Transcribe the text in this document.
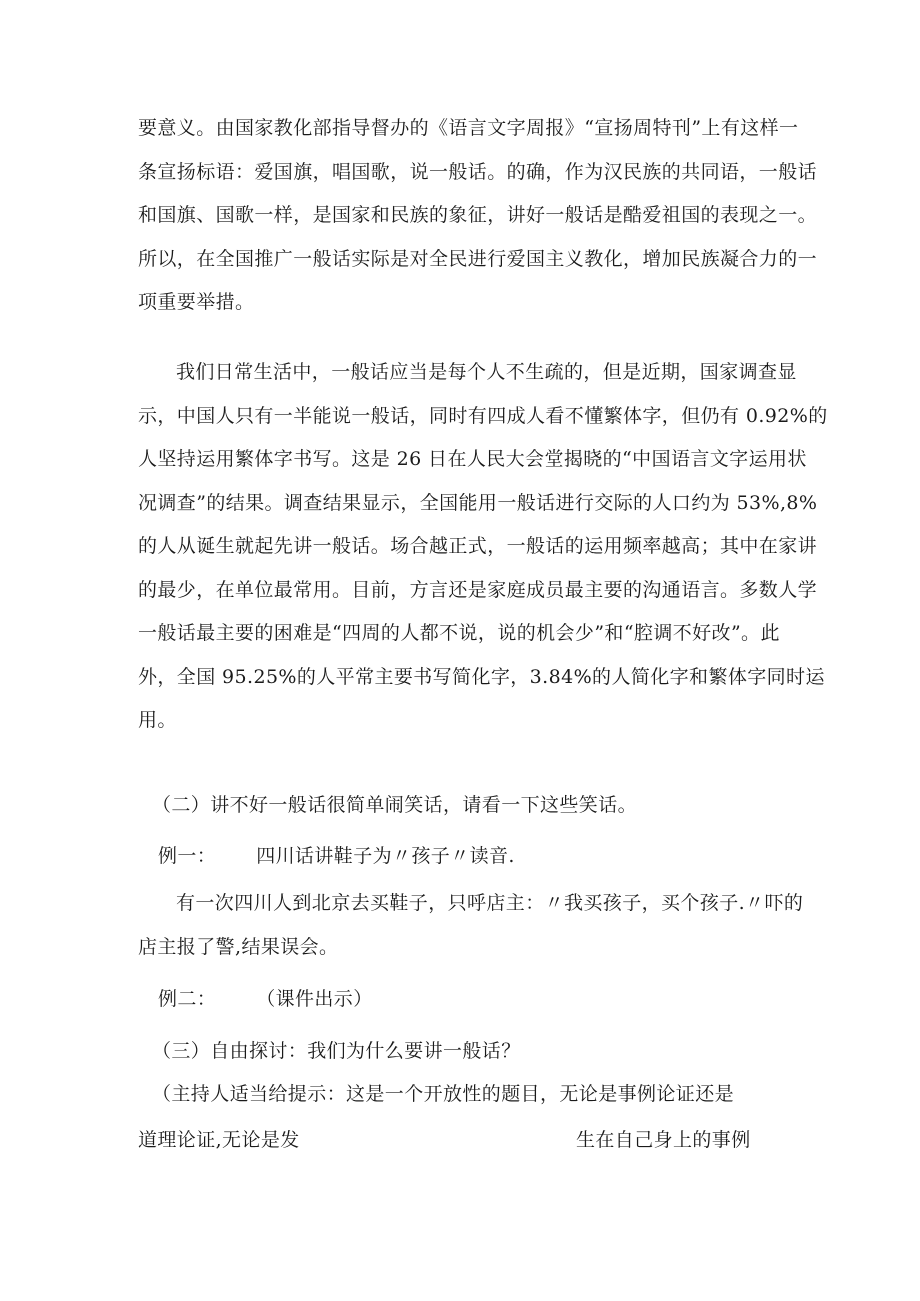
要意义。由国家教化部指导督办的《语言文字周报》“宣扬周特刊”上有这样一
条宣扬标语：爱国旗，唱国歌，说一般话。的确，作为汉民族的共同语，一般话
和国旗、国歌一样，是国家和民族的象征，讲好一般话是酷爱祖国的表现之一。
所以，在全国推广一般话实际是对全民进行爱国主义教化，增加民族凝合力的一
项重要举措。
我们日常生活中，一般话应当是每个人不生疏的，但是近期，国家调查显
示，中国人只有一半能说一般话，同时有四成人看不懂繁体字，但仍有 0.92%的
人坚持运用繁体字书写。这是 26 日在人民大会堂揭晓的“中国语言文字运用状
况调查”的结果。调查结果显示，全国能用一般话进行交际的人口约为 53%,8%
的人从诞生就起先讲一般话。场合越正式，一般话的运用频率越高；其中在家讲
的最少，在单位最常用。目前，方言还是家庭成员最主要的沟通语言。多数人学
一般话最主要的困难是“四周的人都不说，说的机会少”和“腔调不好改”。此
外，全国 95.25%的人平常主要书写简化字，3.84%的人简化字和繁体字同时运
用。
（二）讲不好一般话很简单闹笑话，请看一下这些笑话。
例一： 四川话讲鞋子为〃孩子〃读音.
有一次四川人到北京去买鞋子，只呼店主：〃我买孩子，买个孩子.〃吓的
店主报了警,结果误会。
例二： （课件出示）
（三）自由探讨：我们为什么要讲一般话？
（主持人适当给提示：这是一个开放性的题目，无论是事例论证还是
道理论证,无论是发	生在自己身上的事例
